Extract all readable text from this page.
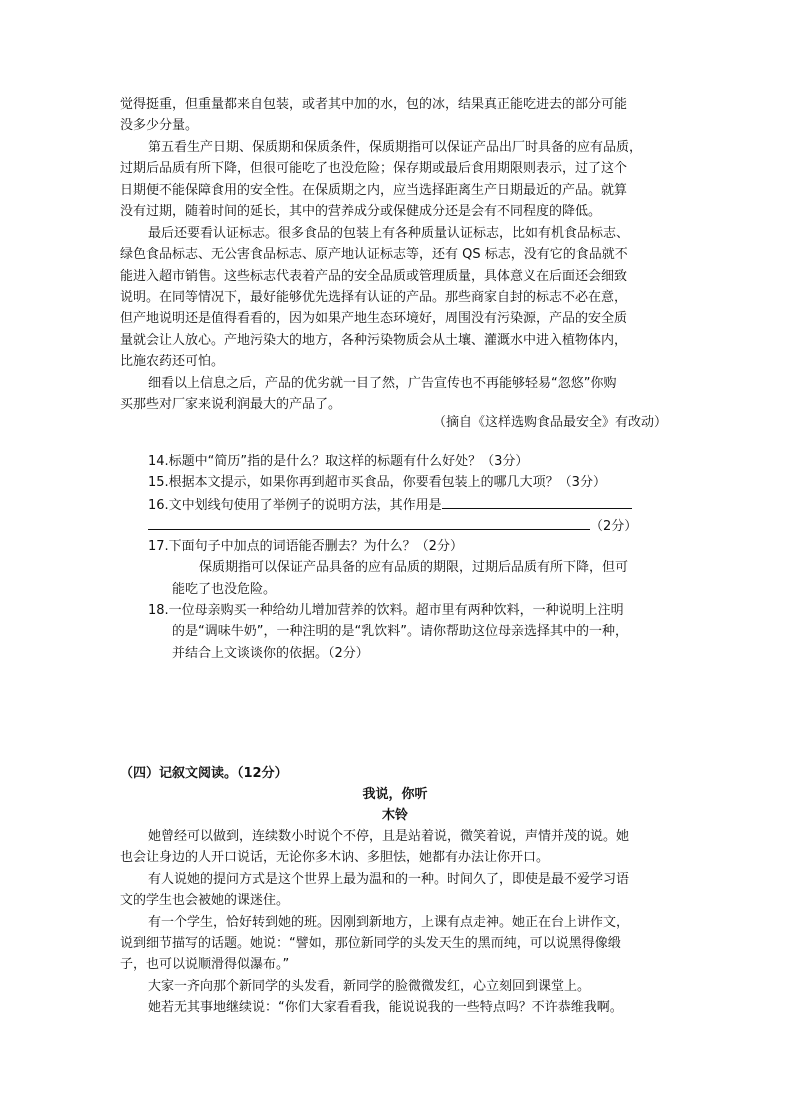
觉得挺重，但重量都来自包装，或者其中加的水，包的冰，结果真正能吃进去的部分可能
没多少分量。
第五看生产日期、保质期和保质条件，保质期指可以保证产品出厂时具备的应有品质，
过期后品质有所下降，但很可能吃了也没危险；保存期或最后食用期限则表示，过了这个
日期便不能保障食用的安全性。在保质期之内，应当选择距离生产日期最近的产品。就算
没有过期，随着时间的延长，其中的营养成分或保健成分还是会有不同程度的降低。
最后还要看认证标志。很多食品的包装上有各种质量认证标志，比如有机食品标志、
绿色食品标志、无公害食品标志、原产地认证标志等，还有 QS 标志，没有它的食品就不
能进入超市销售。这些标志代表着产品的安全品质或管理质量，具体意义在后面还会细致
说明。在同等情况下，最好能够优先选择有认证的产品。那些商家自封的标志不必在意，
但产地说明还是值得看看的，因为如果产地生态环境好，周围没有污染源，产品的安全质
量就会让人放心。产地污染大的地方，各种污染物质会从土壤、灌溉水中进入植物体内，
比施农药还可怕。
细看以上信息之后，产品的优劣就一目了然，广告宣传也不再能够轻易“忽悠”你购
买那些对厂家来说利润最大的产品了。
（摘自《这样选购食品最安全》有改动）
14.标题中“简历”指的是什么？取这样的标题有什么好处？（3分）
15.根据本文提示，如果你再到超市买食品，你要看包装上的哪几大项？（3分）
16.文中划线句使用了举例子的说明方法，其作用是
（2分）
17.下面句子中加点的词语能否删去？为什么？（2分）
保质期指可以保证产品具备的应有品质的期限，过期后品质有所下降，但可
能吃了也没危险。
18.一位母亲购买一种给幼儿增加营养的饮料。超市里有两种饮料，一种说明上注明
的是“调味牛奶”，一种注明的是“乳饮料”。请你帮助这位母亲选择其中的一种，
并结合上文谈谈你的依据。（2分）
（四）记叙文阅读。（12分）
我说，你听
木铃
她曾经可以做到，连续数小时说个不停，且是站着说，微笑着说，声情并茂的说。她
也会让身边的人开口说话，无论你多木讷、多胆怯，她都有办法让你开口。
有人说她的提问方式是这个世界上最为温和的一种。时间久了，即使是最不爱学习语
文的学生也会被她的课迷住。
有一个学生，恰好转到她的班。因刚到新地方，上课有点走神。她正在台上讲作文，
说到细节描写的话题。她说：“譬如，那位新同学的头发天生的黑而纯，可以说黑得像缎
子，也可以说顺滑得似瀑布。”
大家一齐向那个新同学的头发看，新同学的脸微微发红，心立刻回到课堂上。
她若无其事地继续说：“你们大家看看我，能说说我的一些特点吗？不许恭维我啊。
